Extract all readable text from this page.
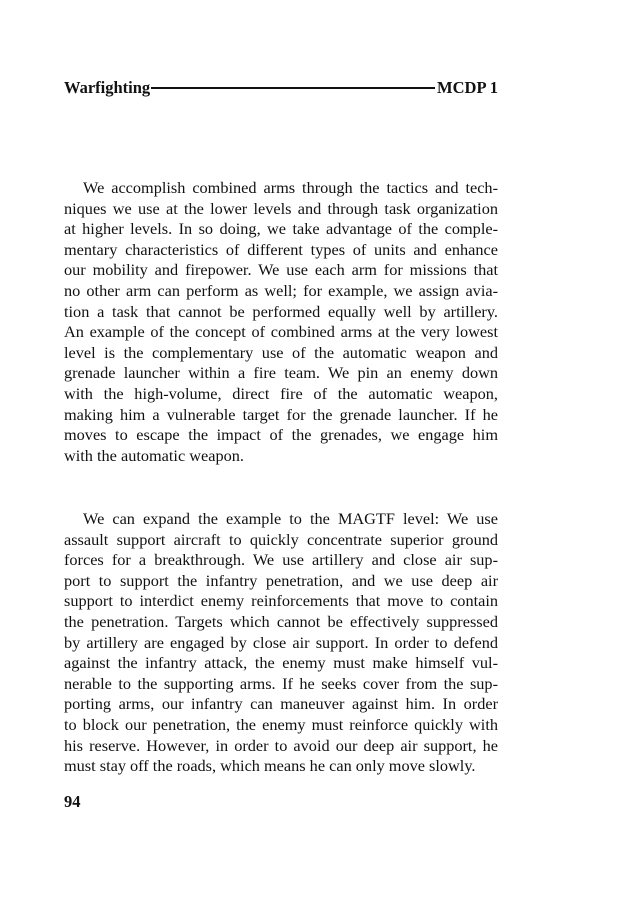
Warfighting	MCDP 1
We accomplish combined arms through the tactics and tech-
niques we use at the lower levels and through task organization
at higher levels. In so doing, we take advantage of the comple-
mentary characteristics of different types of units and enhance
our mobility and firepower. We use each arm for missions that
no other arm can perform as well; for example, we assign avia-
tion a task that cannot be performed equally well by artillery.
An example of the concept of combined arms at the very lowest
level is the complementary use of the automatic weapon and
grenade launcher within a fire team. We pin an enemy down
with the high-volume, direct fire of the automatic weapon,
making him a vulnerable target for the grenade launcher. If he
moves to escape the impact of the grenades, we engage him
with the automatic weapon.
We can expand the example to the MAGTF level: We use
assault support aircraft to quickly concentrate superior ground
forces for a breakthrough. We use artillery and close air sup-
port to support the infantry penetration, and we use deep air
support to interdict enemy reinforcements that move to contain
the penetration. Targets which cannot be effectively suppressed
by artillery are engaged by close air support. In order to defend
against the infantry attack, the enemy must make himself vul-
nerable to the supporting arms. If he seeks cover from the sup-
porting arms, our infantry can maneuver against him. In order
to block our penetration, the enemy must reinforce quickly with
his reserve. However, in order to avoid our deep air support, he
must stay off the roads, which means he can only move slowly.
94
